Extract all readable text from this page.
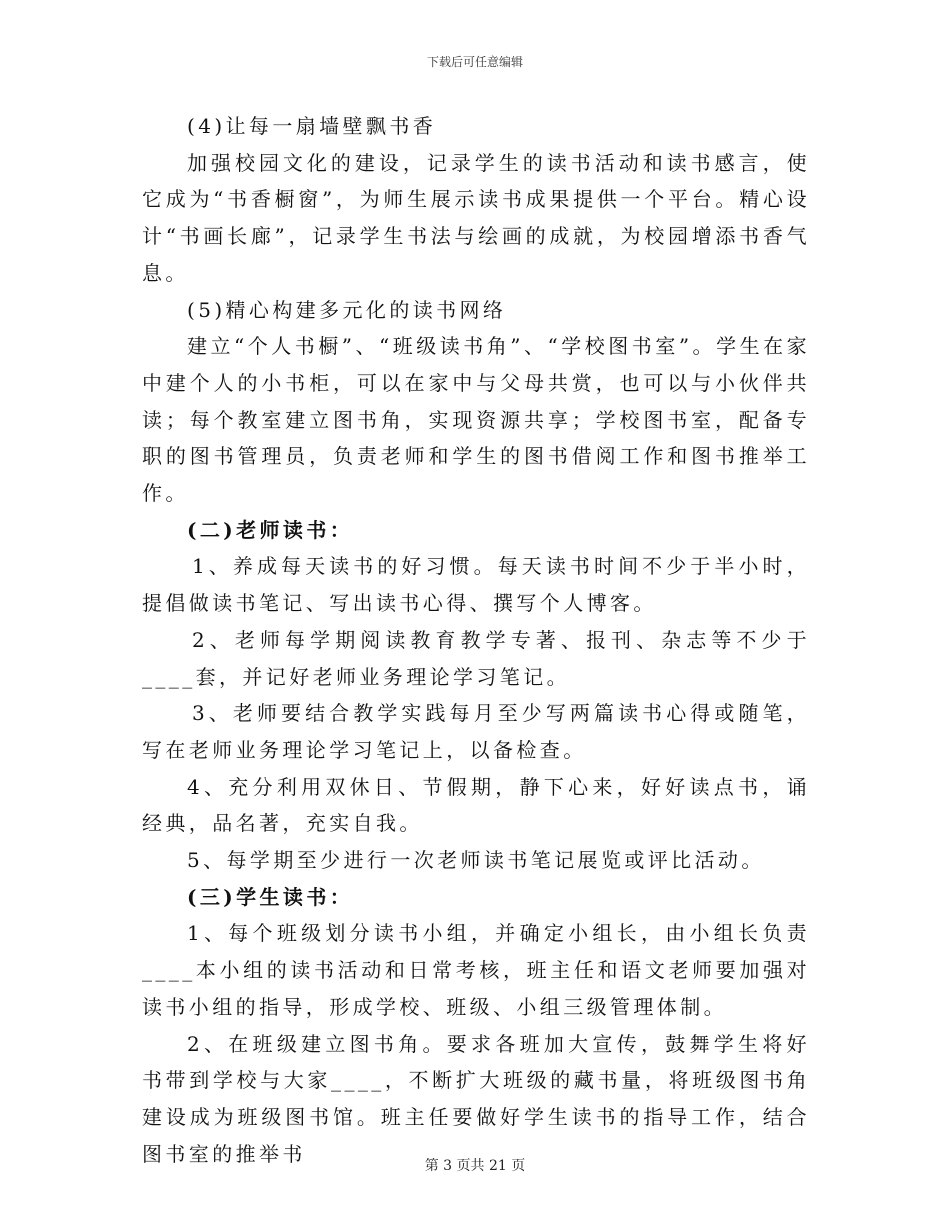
下载后可任意编辑

(4)让每一扇墙壁飘书香

加强校园文化的建设，记录学生的读书活动和读书感言，使它成为“书香橱窗”，为师生展示读书成果提供一个平台。精心设计“书画长廊”，记录学生书法与绘画的成就，为校园增添书香气息。

(5)精心构建多元化的读书网络

建立“个人书橱”、“班级读书角”、“学校图书室”。学生在家中建个人的小书柜，可以在家中与父母共赏，也可以与小伙伴共读；每个教室建立图书角，实现资源共享；学校图书室，配备专职的图书管理员，负责老师和学生的图书借阅工作和图书推举工作。

(二)老师读书：

1、养成每天读书的好习惯。每天读书时间不少于半小时，提倡做读书笔记、写出读书心得、撰写个人博客。

2、老师每学期阅读教育教学专著、报刊、杂志等不少于____套，并记好老师业务理论学习笔记。

3、老师要结合教学实践每月至少写两篇读书心得或随笔，写在老师业务理论学习笔记上，以备检查。

4、充分利用双休日、节假期，静下心来，好好读点书，诵经典，品名著，充实自我。

5、每学期至少进行一次老师读书笔记展览或评比活动。

(三)学生读书：

1、每个班级划分读书小组，并确定小组长，由小组长负责____本小组的读书活动和日常考核，班主任和语文老师要加强对读书小组的指导，形成学校、班级、小组三级管理体制。

2、在班级建立图书角。要求各班加大宣传，鼓舞学生将好书带到学校与大家____，不断扩大班级的藏书量，将班级图书角建设成为班级图书馆。班主任要做好学生读书的指导工作，结合图书室的推举书

第 3 页共 21 页
